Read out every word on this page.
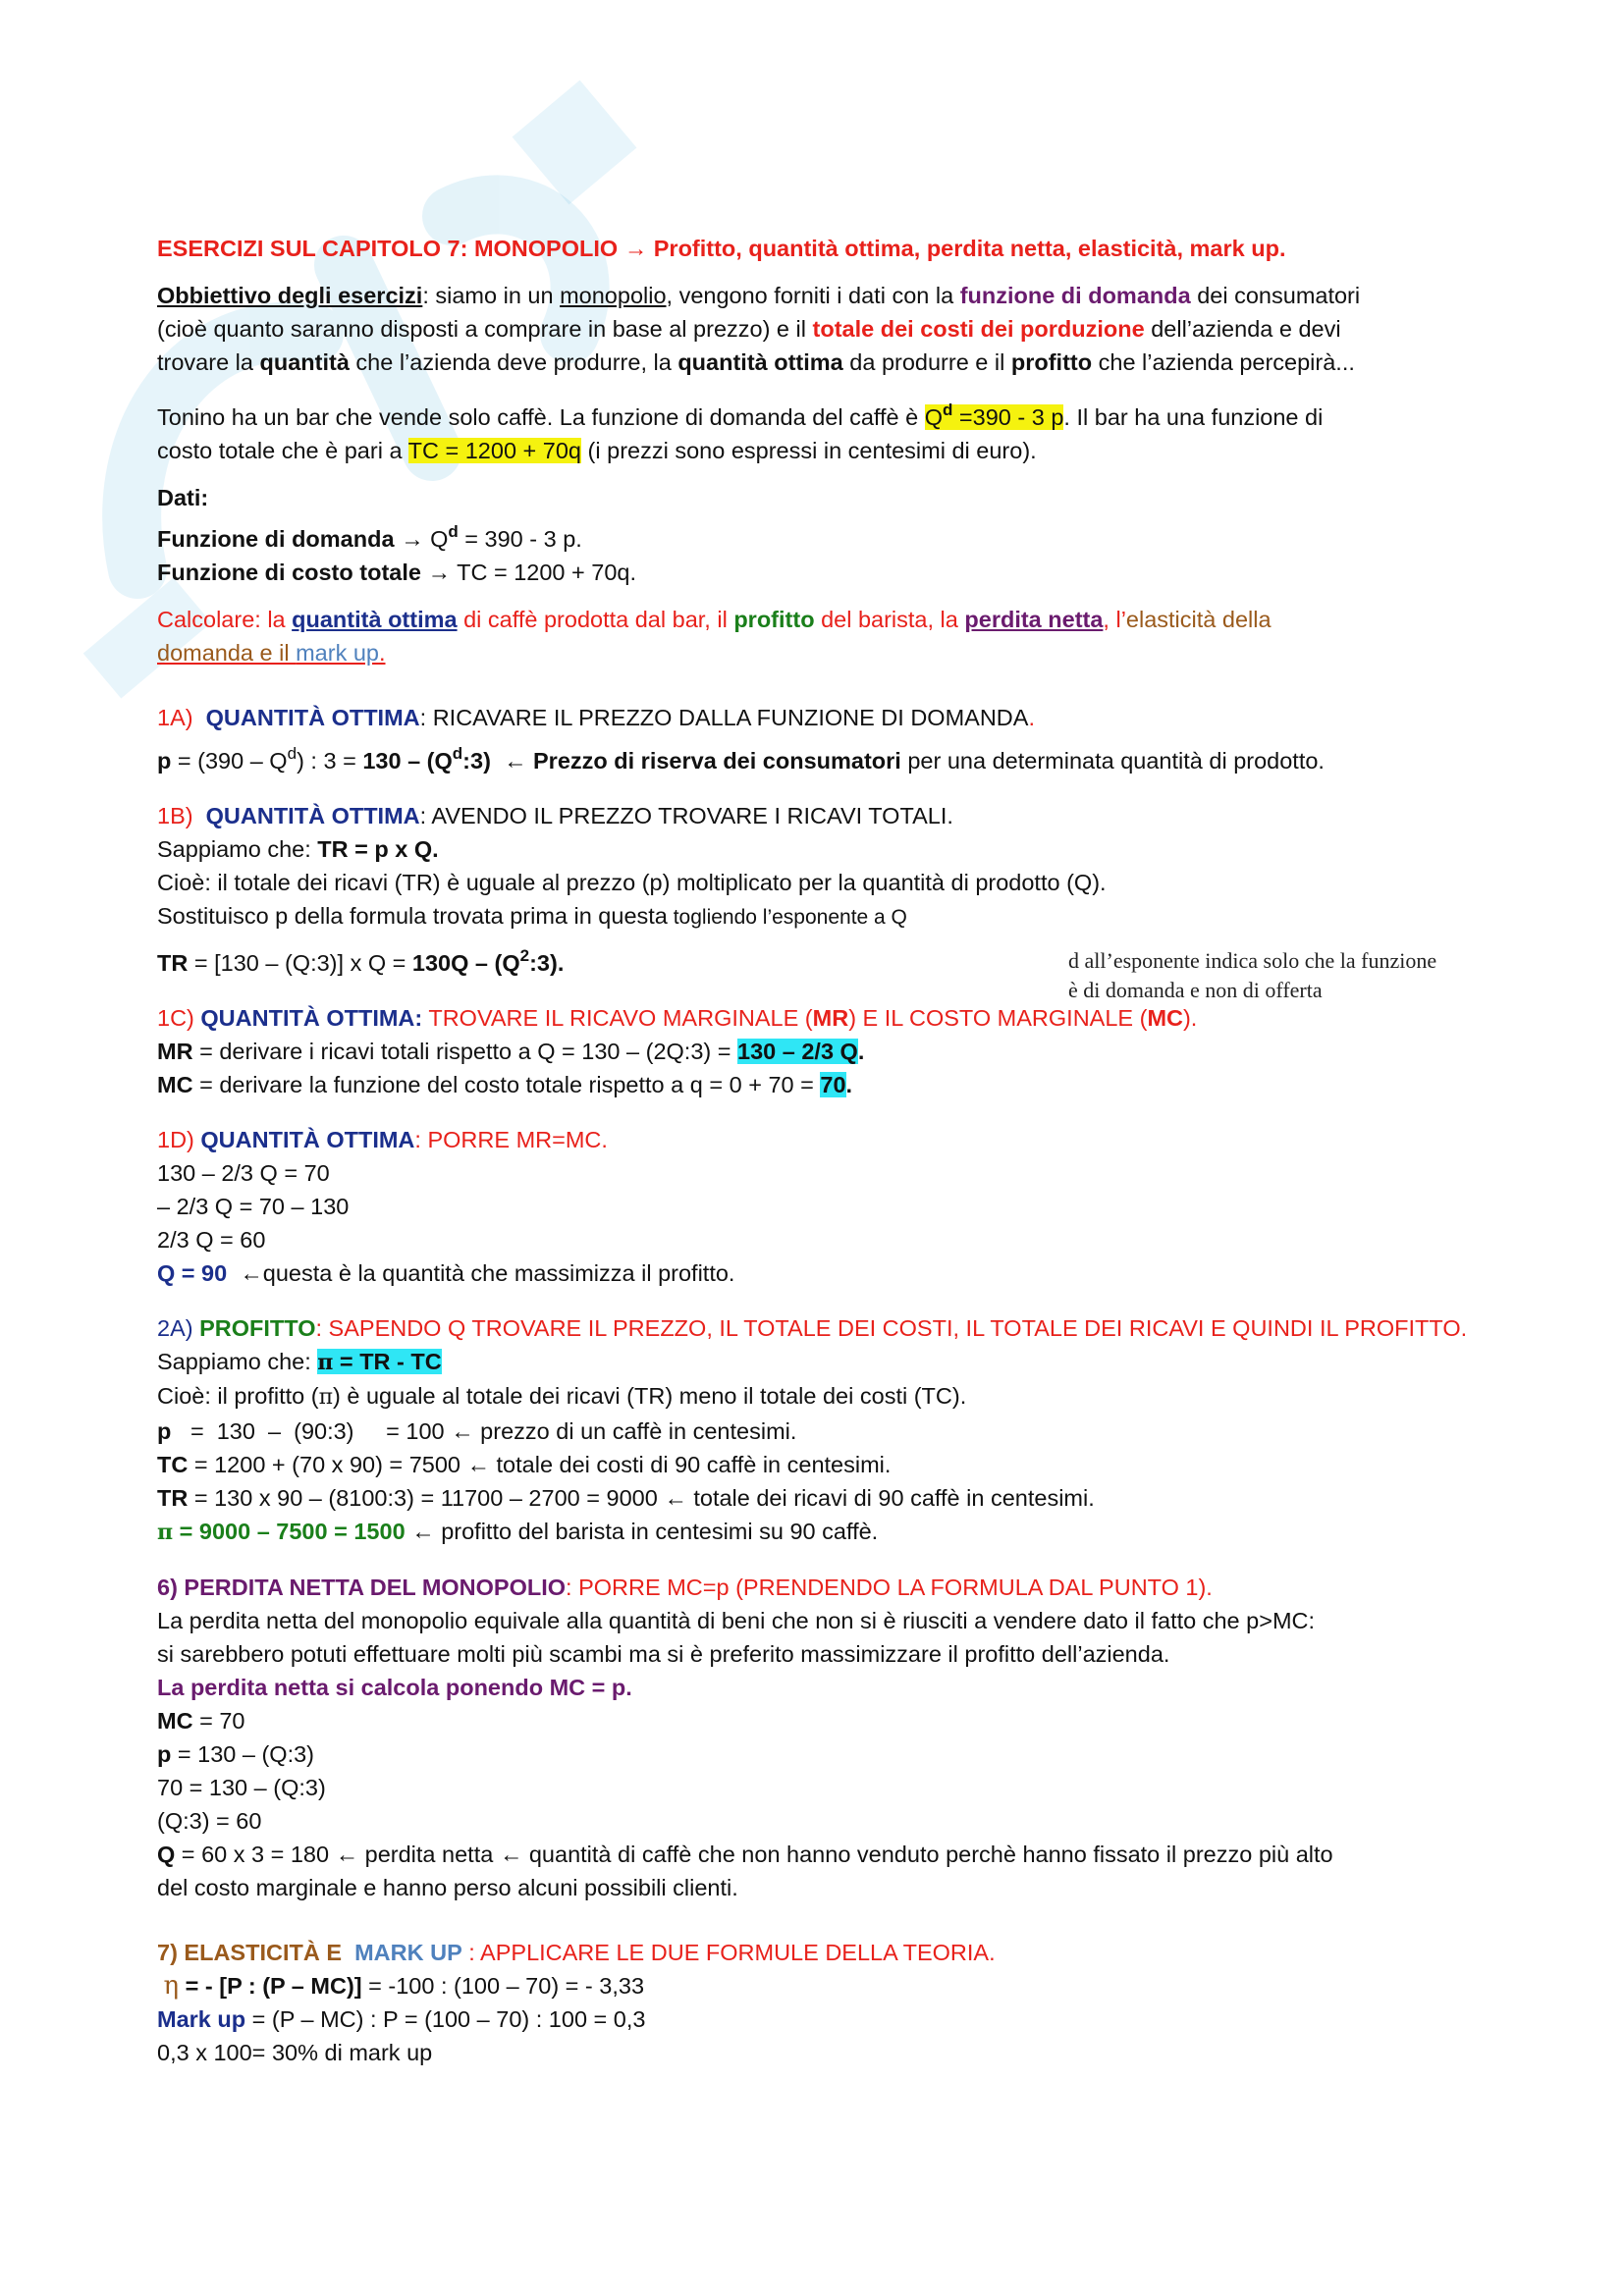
ESERCIZI SUL CAPITOLO 7: MONOPOLIO → Profitto, quantità ottima, perdita netta, elasticità, mark up.

Obbiettivo degli esercizi: siamo in un monopolio, vengono forniti i dati con la funzione di domanda dei consumatori

(cioè quanto saranno disposti a comprare in base al prezzo) e il totale dei costi dei porduzione dell’azienda e devi

trovare la quantità che l’azienda deve produrre, la quantità ottima da produrre e il profitto che l’azienda percepirà...

Tonino ha un bar che vende solo caffè. La funzione di domanda del caffè è $Q^d =390 - 3$ p. Il bar ha una funzione di

costo totale che è pari a TC = 1200 + 70q (i prezzi sono espressi in centesimi di euro).

Dati:

Funzione di domanda → $Q^d = 390 - 3$ p.

Funzione di costo totale → TC = 1200 + 70q.

Calcolare: la quantità ottima di caffè prodotta dal bar, il profitto del barista, la perdita netta, l’elasticità della

domanda e il mark up.

1A) QUANTITÀ OTTIMA: RICAVARE IL PREZZO DALLA FUNZIONE DI DOMANDA.

$p = (390 - Q^d)$ : $3 = 130 - (Q^d:3)$ ← Prezzo di riserva dei consumatori per una determinata quantità di prodotto.

1B) QUANTITÀ OTTIMA: AVENDO IL PREZZO TROVARE I RICAVI TOTALI.

Sappiamo che: TR = p x Q.

Cioè: il totale dei ricavi (TR) è uguale al prezzo (p) moltiplicato per la quantità di prodotto (Q).

Sostituisco p della formula trovata prima in questa togliendo l’esponente a Q

TR = [130 – (Q:3)] x $Q = 130Q - (Q^2:3)$.

1C) QUANTITÀ OTTIMA: TROVARE IL RICAVO MARGINALE (MR) E IL COSTO MARGINALE (MC).

MR = derivare i ricavi totali rispetto a Q = 130 – (2Q:3) = 130 – 2/3 Q.

MC = derivare la funzione del costo totale rispetto a q = 0 + 70 = 70.

1D) QUANTITÀ OTTIMA: PORRE MR=MC.

130 – 2/3 Q = 70

– 2/3 Q = 70 – 130

2/3 Q = 60

Q = 90 ←questa è la quantità che massimizza il profitto.

2A) PROFITTO: SAPENDO Q TROVARE IL PREZZO, IL TOTALE DEI COSTI, IL TOTALE DEI RICAVI E QUINDI IL PROFITTO.

Sappiamo che: π = TR - TC

Cioè: il profitto (π) è uguale al totale dei ricavi (TR) meno il totale dei costi (TC).

p   =  130  –  (90:3)     = 100 ← prezzo di un caffè in centesimi.

TC = 1200 + (70 x 90) = 7500 ← totale dei costi di 90 caffè in centesimi.

TR = 130 x 90 – (8100:3) = 11700 – 2700 = 9000 ← totale dei ricavi di 90 caffè in centesimi.

π = 9000 – 7500 = 1500 ← profitto del barista in centesimi su 90 caffè.

6) PERDITA NETTA DEL MONOPOLIO: PORRE MC=p (PRENDENDO LA FORMULA DAL PUNTO 1).

La perdita netta del monopolio equivale alla quantità di beni che non si è riusciti a vendere dato il fatto che p>MC:

si sarebbero potuti effettuare molti più scambi ma si è preferito massimizzare il profitto dell’azienda.

La perdita netta si calcola ponendo MC = p.

MC = 70

p = 130 – (Q:3)

70 = 130 – (Q:3)

(Q:3) = 60

Q = 60 x 3 = 180 ← perdita netta ← quantità di caffè che non hanno venduto perchè hanno fissato il prezzo più alto

del costo marginale e hanno perso alcuni possibili clienti.

7) ELASTICITÀ E MARK UP : APPLICARE LE DUE FORMULE DELLA TEORIA.

η = - [P : (P – MC)] = -100 : (100 – 70) = - 3,33

Mark up = (P – MC) : P = (100 – 70) : 100 = 0,3

0,3 x 100= 30% di mark up

d all’esponente indica solo che la funzione

è di domanda e non di offerta
